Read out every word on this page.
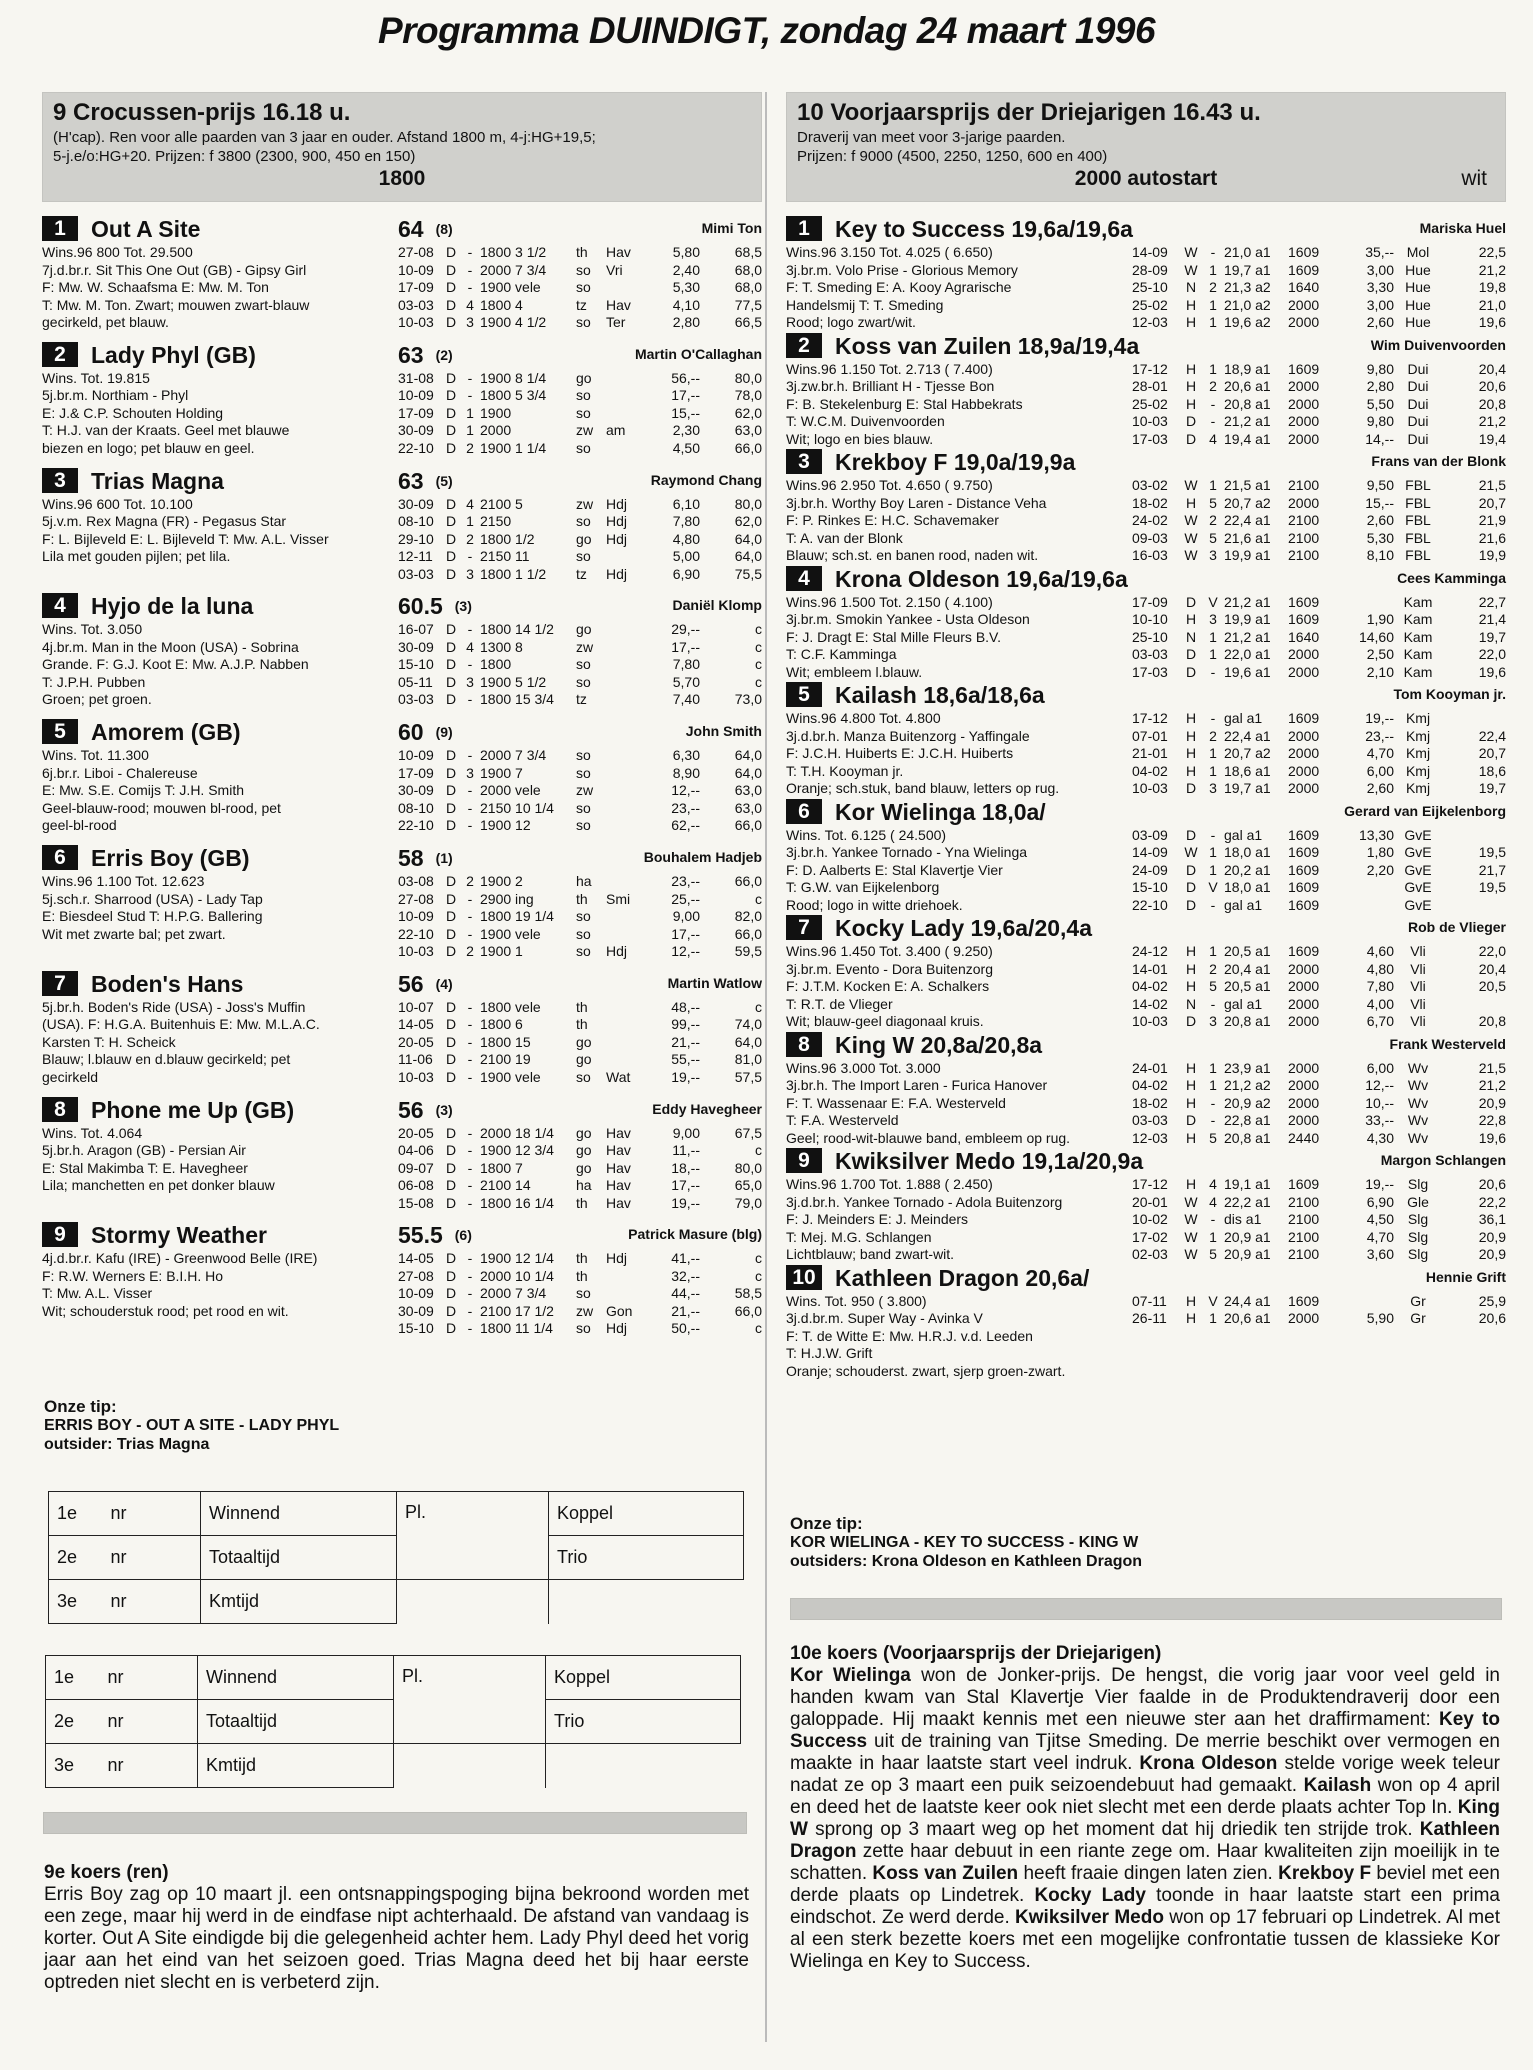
Programma DUINDIGT, zondag 24 maart 1996
9 Crocussen-prijs 16.18 u.
(H'cap). Ren voor alle paarden van 3 jaar en ouder. Afstand 1800 m, 4-j:HG+19,5;
5-j.e/o:HG+20. Prijzen: f 3800 (2300, 900, 450 en 150)
1800
1 Out A Site
Wins.96 800 Tot. 29.500
7j.d.br.r. Sit This One Out (GB) - Gipsy Girl
F: Mw. W. Schaafsma E: Mw. M. Ton
T: Mw. M. Ton. Zwart; mouwen zwart-blauw
gecirkeld, pet blauw.
64 (8)	Mimi Ton
27-08	D	-	1800 3 1/2	th	Hav	5,80	68,5
10-09	D	-	2000 7 3/4	so	Vri	2,40	68,0
17-09	D	-	1900 vele	so		5,30	68,0
03-03	D	4	1800 4	tz	Hav	4,10	77,5
10-03	D	3	1900 4 1/2	so	Ter	2,80	66,5
2 Lady Phyl (GB)
Wins. Tot. 19.815
5j.br.m. Northiam - Phyl
E: J.& C.P. Schouten Holding
T: H.J. van der Kraats. Geel met blauwe
biezen en logo; pet blauw en geel.
63 (2)	Martin O'Callaghan
31-08	D	-	1900 8 1/4	go		56,--	80,0
10-09	D	-	1800 5 3/4	so		17,--	78,0
17-09	D	1	1900	so		15,--	62,0
30-09	D	1	2000	zw	am	2,30	63,0
22-10	D	2	1900 1 1/4	so		4,50	66,0
3 Trias Magna
Wins.96 600 Tot. 10.100
5j.v.m. Rex Magna (FR) - Pegasus Star
F: L. Bijleveld E: L. Bijleveld T: Mw. A.L. Visser
Lila met gouden pijlen; pet lila.
63 (5)	Raymond Chang
30-09	D	4	2100 5	zw	Hdj	6,10	80,0
08-10	D	1	2150	so	Hdj	7,80	62,0
29-10	D	2	1800 1/2	go	Hdj	4,80	64,0
12-11	D	-	2150 11	so		5,00	64,0
03-03	D	3	1800 1 1/2	tz	Hdj	6,90	75,5
4 Hyjo de la luna
Wins. Tot. 3.050
4j.br.m. Man in the Moon (USA) - Sobrina
Grande. F: G.J. Koot E: Mw. A.J.P. Nabben
T: J.P.H. Pubben
Groen; pet groen.
60.5 (3)	Daniël Klomp
16-07	D	-	1800 14 1/2	go		29,--	c
30-09	D	4	1300 8	zw		17,--	c
15-10	D	-	1800	so		7,80	c
05-11	D	3	1900 5 1/2	so		5,70	c
03-03	D	-	1800 15 3/4	tz		7,40	73,0
5 Amorem (GB)
Wins. Tot. 11.300
6j.br.r. Liboi - Chalereuse
E: Mw. S.E. Comijs T: J.H. Smith
Geel-blauw-rood; mouwen bl-rood, pet
geel-bl-rood
60 (9)	John Smith
10-09	D	-	2000 7 3/4	so		6,30	64,0
17-09	D	3	1900 7	so		8,90	64,0
30-09	D	-	2000 vele	zw		12,--	63,0
08-10	D	-	2150 10 1/4	so		23,--	63,0
22-10	D	-	1900 12	so		62,--	66,0
6 Erris Boy (GB)
Wins.96 1.100 Tot. 12.623
5j.sch.r. Sharrood (USA) - Lady Tap
E: Biesdeel Stud T: H.P.G. Ballering
Wit met zwarte bal; pet zwart.
58 (1)	Bouhalem Hadjeb
03-08	D	2	1900 2	ha		23,--	66,0
27-08	D	-	2900 ing	th	Smi	25,--	c
10-09	D	-	1800 19 1/4	so		9,00	82,0
22-10	D	-	1900 vele	so		17,--	66,0
10-03	D	2	1900 1	so	Hdj	12,--	59,5
7 Boden's Hans
5j.br.h. Boden's Ride (USA) - Joss's Muffin
(USA). F: H.G.A. Buitenhuis E: Mw. M.L.A.C.
Karsten T: H. Scheick
Blauw; l.blauw en d.blauw gecirkeld; pet
gecirkeld
56 (4)	Martin Watlow
10-07	D	-	1800 vele	th		48,--	c
14-05	D	-	1800 6	th		99,--	74,0
20-05	D	-	1800 15	go		21,--	64,0
11-06	D	-	2100 19	go		55,--	81,0
10-03	D	-	1900 vele	so	Wat	19,--	57,5
8 Phone me Up (GB)
Wins. Tot. 4.064
5j.br.h. Aragon (GB) - Persian Air
E: Stal Makimba T: E. Havegheer
Lila; manchetten en pet donker blauw
56 (3)	Eddy Havegheer
20-05	D	-	2000 18 1/4	go	Hav	9,00	67,5
04-06	D	-	1900 12 3/4	go	Hav	11,--	c
09-07	D	-	1800 7	go	Hav	18,--	80,0
06-08	D	-	2100 14	ha	Hav	17,--	65,0
15-08	D	-	1800 16 1/4	th	Hav	19,--	79,0
9 Stormy Weather
4j.d.br.r. Kafu (IRE) - Greenwood Belle (IRE)
F: R.W. Werners E: B.I.H. Ho
T: Mw. A.L. Visser
Wit; schouderstuk rood; pet rood en wit.
55.5 (6)	Patrick Masure (blg)
14-05	D	-	1900 12 1/4	th	Hdj	41,--	c
27-08	D	-	2000 10 1/4	th		32,--	c
10-09	D	-	2000 7 3/4	so		44,--	58,5
30-09	D	-	2100 17 1/2	zw	Gon	21,--	66,0
15-10	D	-	1800 11 1/4	so	Hdj	50,--	c
Onze tip:
ERRIS BOY - OUT A SITE - LADY PHYL
outsider: Trias Magna
1e	nr	Winnend	Pl.	Koppel
2e	nr	Totaaltijd		Trio
3e	nr	Kmtijd		
1e	nr	Winnend	Pl.	Koppel
2e	nr	Totaaltijd		Trio
3e	nr	Kmtijd		
9e koers (ren)
Erris Boy zag op 10 maart jl. een ontsnappingspoging bijna bekroond worden met een zege, maar hij werd in de eindfase nipt achterhaald. De afstand van vandaag is korter. Out A Site eindigde bij die gelegenheid achter hem. Lady Phyl deed het vorig jaar aan het eind van het seizoen goed. Trias Magna deed het bij haar eerste optreden niet slecht en is verbeterd zijn.
10 Voorjaarsprijs der Driejarigen 16.43 u.
Draverij van meet voor 3-jarige paarden.
Prijzen: f 9000 (4500, 2250, 1250, 600 en 400)
2000 autostart	wit
1 Key to Success 19,6a/19,6a
Wins.96 3.150 Tot. 4.025 ( 6.650)
3j.br.m. Volo Prise - Glorious Memory
F: T. Smeding E: A. Kooy Agrarische
Handelsmij T: T. Smeding
Rood; logo zwart/wit.
Mariska Huel
14-09	W	-	21,0 a1	1609	35,--	Mol	22,5
28-09	W	1	19,7 a1	1609	3,00	Hue	21,2
25-10	N	2	21,3 a2	1640	3,30	Hue	19,8
25-02	H	1	21,0 a2	2000	3,00	Hue	21,0
12-03	H	1	19,6 a2	2000	2,60	Hue	19,6
2 Koss van Zuilen 18,9a/19,4a
Wins.96 1.150 Tot. 2.713 ( 7.400)
3j.zw.br.h. Brilliant H - Tjesse Bon
F: B. Stekelenburg E: Stal Habbekrats
T: W.C.M. Duivenvoorden
Wit; logo en bies blauw.
Wim Duivenvoorden
17-12	H	1	18,9 a1	1609	9,80	Dui	20,4
28-01	H	2	20,6 a1	2000	2,80	Dui	20,6
25-02	H	-	20,8 a1	2000	5,50	Dui	20,8
10-03	D	-	21,2 a1	2000	9,80	Dui	21,2
17-03	D	4	19,4 a1	2000	14,--	Dui	19,4
3 Krekboy F 19,0a/19,9a
Wins.96 2.950 Tot. 4.650 ( 9.750)
3j.br.h. Worthy Boy Laren - Distance Veha
F: P. Rinkes E: H.C. Schavemaker
T: A. van der Blonk
Blauw; sch.st. en banen rood, naden wit.
Frans van der Blonk
03-02	W	1	21,5 a1	2100	9,50	FBL	21,5
18-02	H	5	20,7 a2	2000	15,--	FBL	20,7
24-02	W	2	22,4 a1	2100	2,60	FBL	21,9
09-03	W	5	21,6 a1	2100	5,30	FBL	21,6
16-03	W	3	19,9 a1	2100	8,10	FBL	19,9
4 Krona Oldeson 19,6a/19,6a
Wins.96 1.500 Tot. 2.150 ( 4.100)
3j.br.m. Smokin Yankee - Usta Oldeson
F: J. Dragt E: Stal Mille Fleurs B.V.
T: C.F. Kamminga
Wit; embleem l.blauw.
Cees Kamminga
17-09	D	V	21,2 a1	1609		Kam	22,7
10-10	H	3	19,9 a1	1609	1,90	Kam	21,4
25-10	N	1	21,2 a1	1640	14,60	Kam	19,7
03-03	D	1	22,0 a1	2000	2,50	Kam	22,0
17-03	D	-	19,6 a1	2000	2,10	Kam	19,6
5 Kailash 18,6a/18,6a
Wins.96 4.800 Tot. 4.800
3j.d.br.h. Manza Buitenzorg - Yaffingale
F: J.C.H. Huiberts E: J.C.H. Huiberts
T: T.H. Kooyman jr.
Oranje; sch.stuk, band blauw, letters op rug.
Tom Kooyman jr.
17-12	H	-	gal a1	1609	19,--	Kmj	
07-01	H	2	22,4 a1	2000	23,--	Kmj	22,4
21-01	H	1	20,7 a2	2000	4,70	Kmj	20,7
04-02	H	1	18,6 a1	2000	6,00	Kmj	18,6
10-03	D	3	19,7 a1	2000	2,60	Kmj	19,7
6 Kor Wielinga 18,0a/
Wins. Tot. 6.125 ( 24.500)
3j.br.h. Yankee Tornado - Yna Wielinga
F: D. Aalberts E: Stal Klavertje Vier
T: G.W. van Eijkelenborg
Rood; logo in witte driehoek.
Gerard van Eijkelenborg
03-09	D	-	gal a1	1609	13,30	GvE	
14-09	W	1	18,0 a1	1609	1,80	GvE	19,5
24-09	D	1	20,2 a1	1609	2,20	GvE	21,7
15-10	D	V	18,0 a1	1609		GvE	19,5
22-10	D	-	gal a1	1609		GvE	
7 Kocky Lady 19,6a/20,4a
Wins.96 1.450 Tot. 3.400 ( 9.250)
3j.br.m. Evento - Dora Buitenzorg
F: J.T.M. Kocken E: A. Schalkers
T: R.T. de Vlieger
Wit; blauw-geel diagonaal kruis.
Rob de Vlieger
24-12	H	1	20,5 a1	1609	4,60	Vli	22,0
14-01	H	2	20,4 a1	2000	4,80	Vli	20,4
04-02	H	5	20,5 a1	2000	7,80	Vli	20,5
14-02	N	-	gal a1	2000	4,00	Vli	
10-03	D	3	20,8 a1	2000	6,70	Vli	20,8
8 King W 20,8a/20,8a
Wins.96 3.000 Tot. 3.000
3j.br.h. The Import Laren - Furica Hanover
F: T. Wassenaar E: F.A. Westerveld
T: F.A. Westerveld
Geel; rood-wit-blauwe band, embleem op rug.
Frank Westerveld
24-01	H	1	23,9 a1	2000	6,00	Wv	21,5
04-02	H	1	21,2 a2	2000	12,--	Wv	21,2
18-02	H	-	20,9 a2	2000	10,--	Wv	20,9
03-03	D	-	22,8 a1	2000	33,--	Wv	22,8
12-03	H	5	20,8 a1	2440	4,30	Wv	19,6
9 Kwiksilver Medo 19,1a/20,9a
Wins.96 1.700 Tot. 1.888 ( 2.450)
3j.d.br.h. Yankee Tornado - Adola Buitenzorg
F: J. Meinders E: J. Meinders
T: Mej. M.G. Schlangen
Lichtblauw; band zwart-wit.
Margon Schlangen
17-12	H	4	19,1 a1	1609	19,--	Slg	20,6
20-01	W	4	22,2 a1	2100	6,90	Gle	22,2
10-02	W	-	dis a1	2100	4,50	Slg	36,1
17-02	W	1	20,9 a1	2100	4,70	Slg	20,9
02-03	W	5	20,9 a1	2100	3,60	Slg	20,9
10 Kathleen Dragon 20,6a/
Wins. Tot. 950 ( 3.800)
3j.d.br.m. Super Way - Avinka V
F: T. de Witte E: Mw. H.R.J. v.d. Leeden
T: H.J.W. Grift
Oranje; schouderst. zwart, sjerp groen-zwart.
Hennie Grift
07-11	H	V	24,4 a1	1609		Gr	25,9
26-11	H	1	20,6 a1	2000	5,90	Gr	20,6
Onze tip:
KOR WIELINGA - KEY TO SUCCESS - KING W
outsiders: Krona Oldeson en Kathleen Dragon
10e koers (Voorjaarsprijs der Driejarigen)
Kor Wielinga won de Jonker-prijs. De hengst, die vorig jaar voor veel geld in handen kwam van Stal Klavertje Vier faalde in de Produktendraverij door een galoppade. Hij maakt kennis met een nieuwe ster aan het draffirmament: Key to Success uit de training van Tjitse Smeding. De merrie beschikt over vermogen en maakte in haar laatste start veel indruk. Krona Oldeson stelde vorige week teleur nadat ze op 3 maart een puik seizoendebuut had gemaakt. Kailash won op 4 april en deed het de laatste keer ook niet slecht met een derde plaats achter Top In. King W sprong op 3 maart weg op het moment dat hij driedik ten strijde trok. Kathleen Dragon zette haar debuut in een riante zege om. Haar kwaliteiten zijn moeilijk in te schatten. Koss van Zuilen heeft fraaie dingen laten zien. Krekboy F beviel met een derde plaats op Lindetrek. Kocky Lady toonde in haar laatste start een prima eindschot. Ze werd derde. Kwiksilver Medo won op 17 februari op Lindetrek. Al met al een sterk bezette koers met een mogelijke confrontatie tussen de klassieke Kor Wielinga en Key to Success.
